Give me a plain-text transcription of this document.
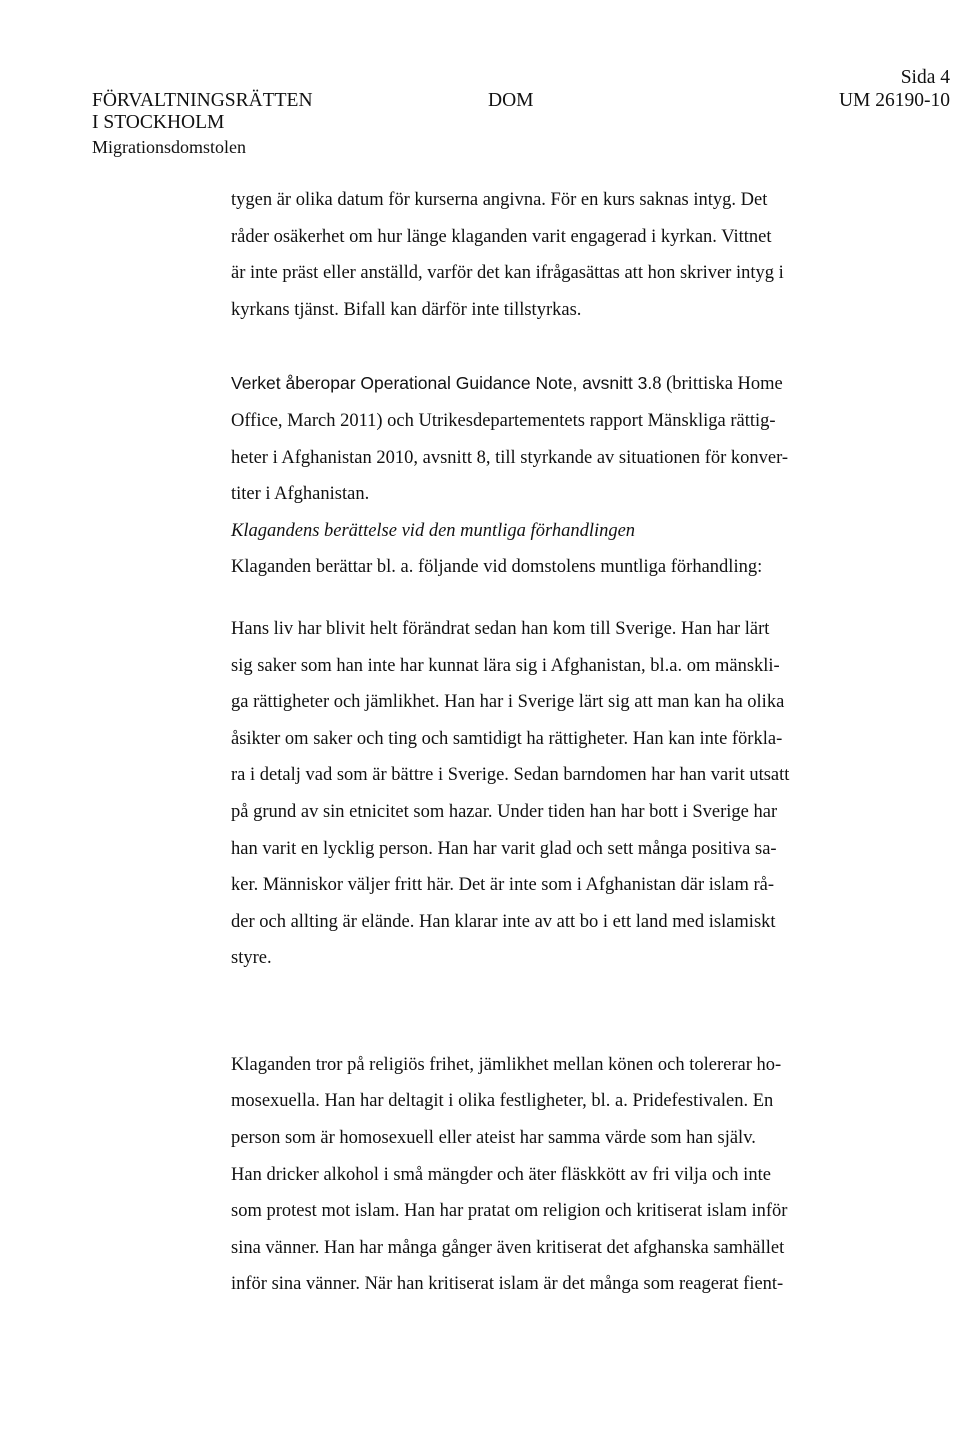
FÖRVALTNINGSRÄTTEN
I STOCKHOLM
Migrationsdomstolen
DOM
Sida 4
UM 26190-10

tygen är olika datum för kurserna angivna. För en kurs saknas intyg. Det
råder osäkerhet om hur länge klaganden varit engagerad i kyrkan. Vittnet
är inte präst eller anställd, varför det kan ifrågasättas att hon skriver intyg i
kyrkans tjänst. Bifall kan därför inte tillstyrkas.

Verket åberopar Operational Guidance Note, avsnitt 3.8 (brittiska Home
Office, March 2011) och Utrikesdepartementets rapport Mänskliga rättig-
heter i Afghanistan 2010, avsnitt 8, till styrkande av situationen för konver-
titer i Afghanistan.

Klagandens berättelse vid den muntliga förhandlingen

Klaganden berättar bl. a. följande vid domstolens muntliga förhandling:

Hans liv har blivit helt förändrat sedan han kom till Sverige. Han har lärt
sig saker som han inte har kunnat lära sig i Afghanistan, bl.a. om mänskli-
ga rättigheter och jämlikhet. Han har i Sverige lärt sig att man kan ha olika
åsikter om saker och ting och samtidigt ha rättigheter. Han kan inte förkla-
ra i detalj vad som är bättre i Sverige. Sedan barndomen har han varit utsatt
på grund av sin etnicitet som hazar. Under tiden han har bott i Sverige har
han varit en lycklig person. Han har varit glad och sett många positiva sa-
ker. Människor väljer fritt här. Det är inte som i Afghanistan där islam rå-
der och allting är elände. Han klarar inte av att bo i ett land med islamiskt
styre.

Klaganden tror på religiös frihet, jämlikhet mellan könen och tolererar ho-
mosexuella. Han har deltagit i olika festligheter, bl. a. Pridefestivalen. En
person som är homosexuell eller ateist har samma värde som han själv.
Han dricker alkohol i små mängder och äter fläskkött av fri vilja och inte
som protest mot islam. Han har pratat om religion och kritiserat islam inför
sina vänner. Han har många gånger även kritiserat det afghanska samhället
inför sina vänner. När han kritiserat islam är det många som reagerat fient-
